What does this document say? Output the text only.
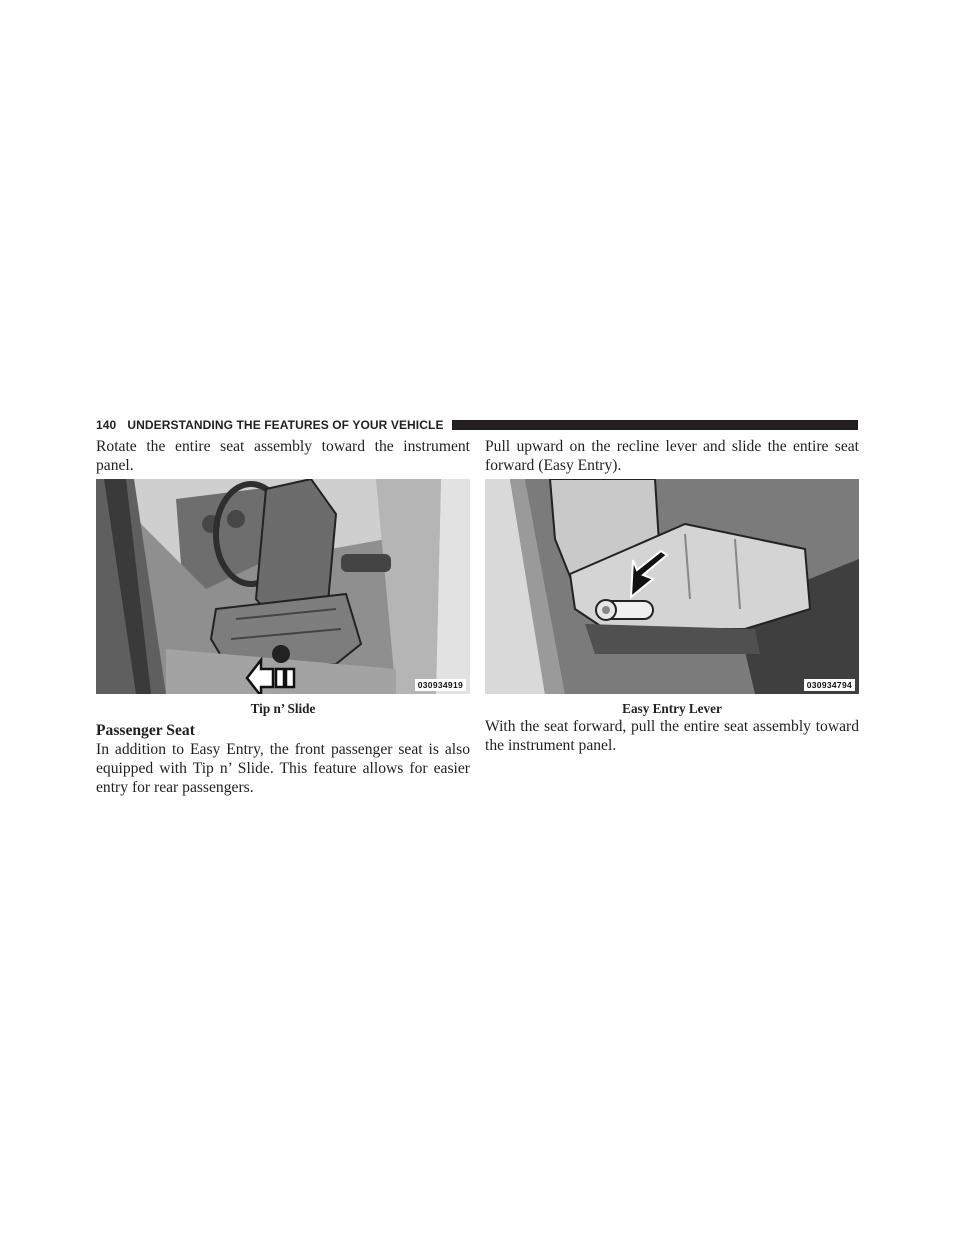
140 UNDERSTANDING THE FEATURES OF YOUR VEHICLE

Rotate the entire seat assembly toward the instrument panel.

030934919
Tip n’ Slide
Passenger Seat

In addition to Easy Entry, the front passenger seat is also equipped with Tip n’ Slide. This feature allows for easier entry for rear passengers.

Pull upward on the recline lever and slide the entire seat forward (Easy Entry).

030934794
Easy Entry Lever

With the seat forward, pull the entire seat assembly toward the instrument panel.
